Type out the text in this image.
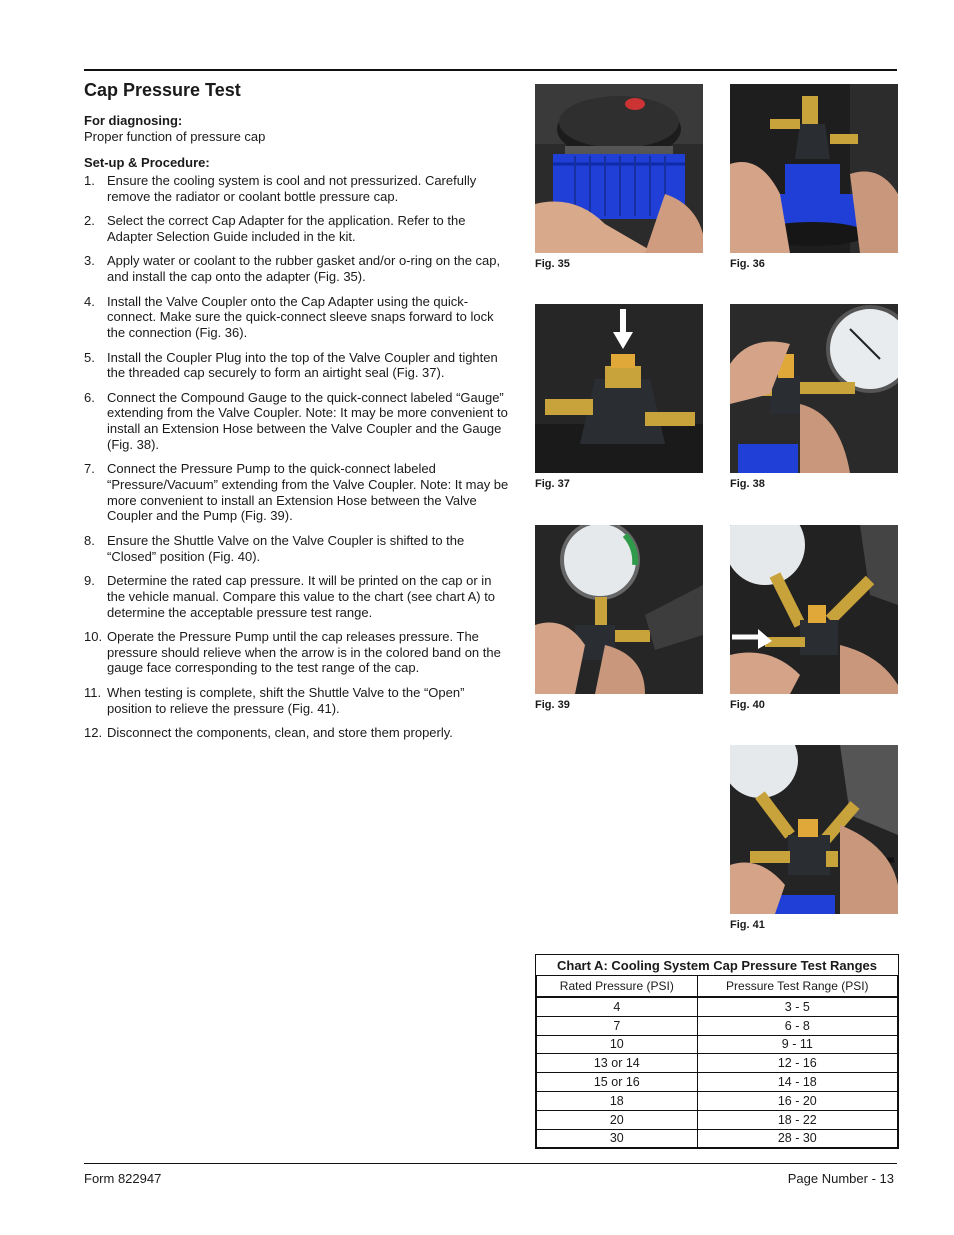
Cap Pressure Test

For diagnosing:

Proper function of pressure cap

Set-up & Procedure:

1. Ensure the cooling system is cool and not pressurized. Carefully remove the radiator or coolant bottle pressure cap.
2. Select the correct Cap Adapter for the application. Refer to the Adapter Selection Guide included in the kit.
3. Apply water or coolant to the rubber gasket and/or o-ring on the cap, and install the cap onto the adapter (Fig. 35).
4. Install the Valve Coupler onto the Cap Adapter using the quick-connect. Make sure the quick-connect sleeve snaps forward to lock the connection (Fig. 36).
5. Install the Coupler Plug into the top of the Valve Coupler and tighten the threaded cap securely to form an airtight seal (Fig. 37).
6. Connect the Compound Gauge to the quick-connect labeled “Gauge” extending from the Valve Coupler. Note: It may be more convenient to install an Extension Hose between the Valve Coupler and the Gauge (Fig. 38).
7. Connect the Pressure Pump to the quick-connect labeled “Pressure/Vacuum” extending from the Valve Coupler. Note: It may be more convenient to install an Extension Hose between the Valve Coupler and the Pump (Fig. 39).
8. Ensure the Shuttle Valve on the Valve Coupler is shifted to the “Closed” position (Fig. 40).
9. Determine the rated cap pressure. It will be printed on the cap or in the vehicle manual. Compare this value to the chart (see chart A) to determine the acceptable pressure test range.
10. Operate the Pressure Pump until the cap releases pressure. The pressure should relieve when the arrow is in the colored band on the gauge face corresponding to the test range of the cap.
11. When testing is complete, shift the Shuttle Valve to the “Open” position to relieve the pressure (Fig. 41).
12. Disconnect the components, clean, and store them properly.
Fig. 35	Fig. 36
Fig. 37	Fig. 38
Fig. 39	Fig. 40
Fig. 41
Chart A: Cooling System Cap Pressure Test Ranges	
Rated Pressure (PSI)	Pressure Test Range (PSI)
4	3 - 5
7	6 - 8
10	9 - 11
13 or 14	12 - 16
15 or 16	14 - 18
18	16 - 20
20	18 - 22
30	28 - 30
Form 822947	Page Number - 13
